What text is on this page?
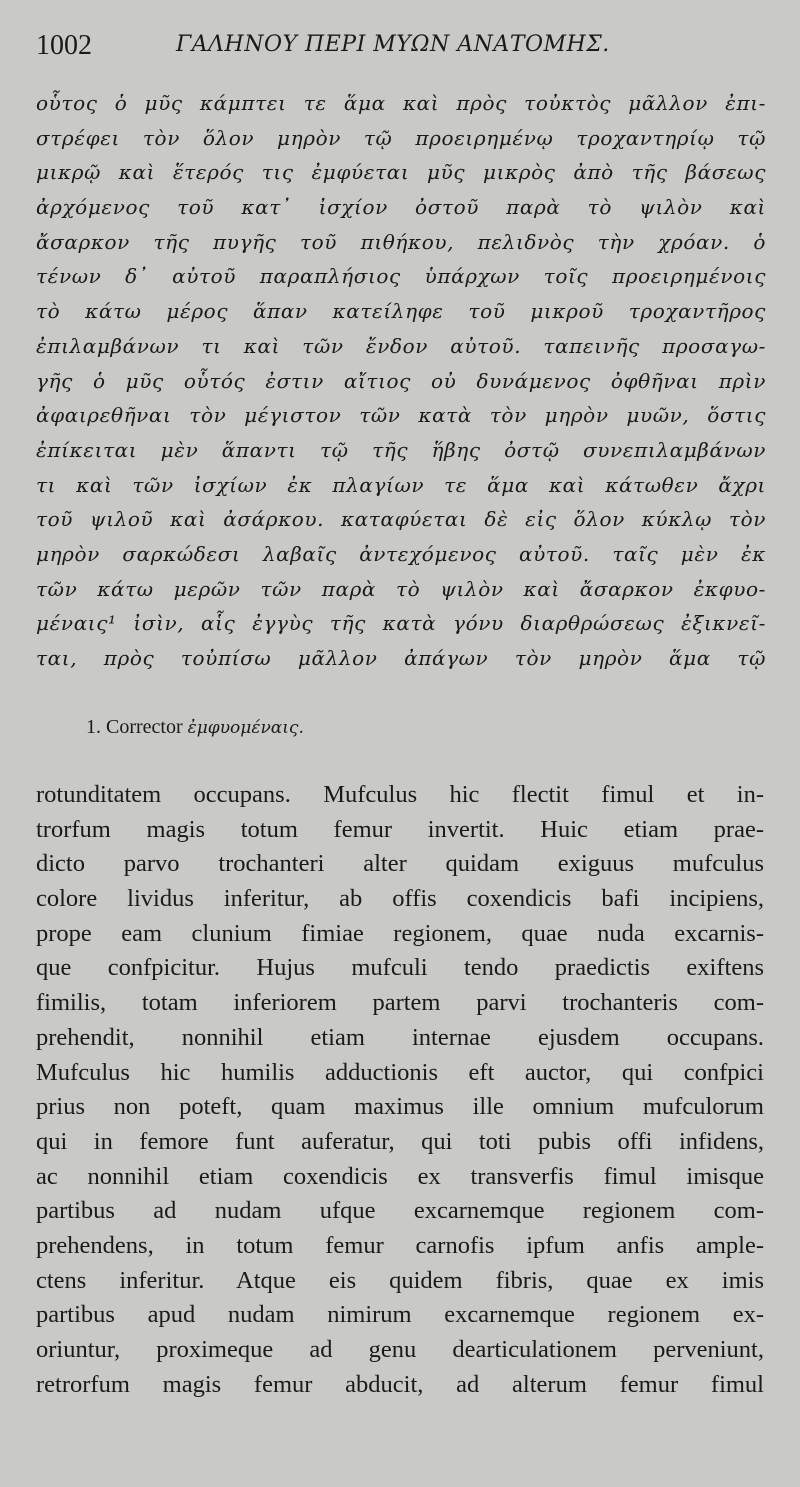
1002	ΓΑΛΗΝΟΥ ΠΕΡΙ ΜΥΩΝ ΑΝΑΤΟΜΗΣ.
οὗτος ὁ μῦς κάμπτει τε ἅμα καὶ πρὸς τοὐκτὸς μᾶλλον ἐπι-
στρέφει τὸν ὅλον μηρὸν τῷ προειρημένῳ τροχαντηρίῳ τῷ
μικρῷ καὶ ἕτερός τις ἐμφύεται μῦς μικρὸς ἀπὸ τῆς βάσεως
ἀρχόμενος τοῦ κατ᾽ ἰσχίον ὀστοῦ παρὰ τὸ ψιλὸν καὶ
ἄσαρκον τῆς πυγῆς τοῦ πιθήκου, πελιδνὸς τὴν χρόαν. ὁ
τένων δ᾽ αὐτοῦ παραπλήσιος ὑπάρχων τοῖς προειρημένοις
τὸ κάτω μέρος ἅπαν κατείληφε τοῦ μικροῦ τροχαντῆρος
ἐπιλαμβάνων τι καὶ τῶν ἔνδον αὐτοῦ. ταπεινῆς προσαγω-
γῆς ὁ μῦς οὗτός ἐστιν αἴτιος οὐ δυνάμενος ὀφθῆναι πρὶν
ἀφαιρεθῆναι τὸν μέγιστον τῶν κατὰ τὸν μηρὸν μυῶν, ὅστις
ἐπίκειται μὲν ἅπαντι τῷ τῆς ἥβης ὀστῷ συνεπιλαμβάνων
τι καὶ τῶν ἰσχίων ἐκ πλαγίων τε ἅμα καὶ κάτωθεν ἄχρι
τοῦ ψιλοῦ καὶ ἀσάρκου. καταφύεται δὲ εἰς ὅλον κύκλῳ τὸν
μηρὸν σαρκώδεσι λαβαῖς ἀντεχόμενος αὐτοῦ. ταῖς μὲν ἐκ
τῶν κάτω μερῶν τῶν παρὰ τὸ ψιλὸν καὶ ἄσαρκον ἐκφυο-
μέναις¹ ἰσὶν, αἷς ἐγγὺς τῆς κατὰ γόνυ διαρθρώσεως ἐξικνεῖ-
ται, πρὸς τοὐπίσω μᾶλλον ἀπάγων τὸν μηρὸν ἅμα τῷ
1. Corrector ἐμφυομέναις.
rotunditatem occupans. Mufculus hic flectit fimul et in-
trorfum magis totum femur invertit. Huic etiam prae-
dicto parvo trochanteri alter quidam exiguus mufculus
colore lividus inferitur, ab offis coxendicis bafi incipiens,
prope eam clunium fimiae regionem, quae nuda excarnis-
que confpicitur. Hujus mufculi tendo praedictis exiftens
fimilis, totam inferiorem partem parvi trochanteris com-
prehendit, nonnihil etiam internae ejusdem occupans.
Mufculus hic humilis adductionis eft auctor, qui confpici
prius non poteft, quam maximus ille omnium mufculorum
qui in femore funt auferatur, qui toti pubis offi infidens,
ac nonnihil etiam coxendicis ex transverfis fimul imisque
partibus ad nudam ufque excarnemque regionem com-
prehendens, in totum femur carnofis ipfum anfis ample-
ctens inferitur. Atque eis quidem fibris, quae ex imis
partibus apud nudam nimirum excarnemque regionem ex-
oriuntur, proximeque ad genu dearticulationem perveniunt,
retrorfum magis femur abducit, ad alterum femur fimul
